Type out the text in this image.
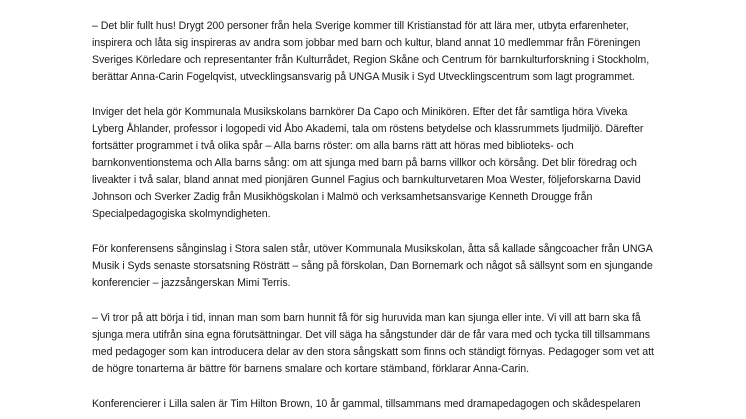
– Det blir fullt hus! Drygt 200 personer från hela Sverige kommer till Kristianstad för att lära mer, utbyta erfarenheter,
inspirera och låta sig inspireras av andra som jobbar med barn och kultur, bland annat 10 medlemmar från Föreningen
Sveriges Körledare och representanter från Kulturrådet, Region Skåne och Centrum för barnkulturforskning i Stockholm,
berättar Anna-Carin Fogelqvist, utvecklingsansvarig på UNGA Musik i Syd Utvecklingscentrum som lagt programmet.
Inviger det hela gör Kommunala Musikskolans barnkörer Da Capo och Minikören. Efter det får samtliga höra Viveka
Lyberg Åhlander, professor i logopedi vid Åbo Akademi, tala om röstens betydelse och klassrummets ljudmiljö. Därefter
fortsätter programmet i två olika spår – Alla barns röster: om alla barns rätt att höras med biblioteks- och
barnkonventionstema och Alla barns sång: om att sjunga med barn på barns villkor och körsång. Det blir föredrag och
liveakter i två salar, bland annat med pionjären Gunnel Fagius och barnkulturvetaren Moa Wester, följeforskarna David
Johnson och Sverker Zadig från Musikhögskolan i Malmö och verksamhetsansvarige Kenneth Drougge från
Specialpedagogiska skolmyndigheten.
För konferensens sånginslag i Stora salen står, utöver Kommunala Musikskolan, åtta så kallade sångcoacher från UNGA
Musik i Syds senaste storsatsning Rösträtt – sång på förskolan, Dan Bornemark och något så sällsynt som en sjungande
konferencier – jazzsångerskan Mimi Terris.
– Vi tror på att börja i tid, innan man som barn hunnit få för sig huruvida man kan sjunga eller inte. Vi vill att barn ska få
sjunga mera utifrån sina egna förutsättningar. Det vill säga ha sångstunder där de får vara med och tycka till tillsammans
med pedagoger som kan introducera delar av den stora sångskatt som finns och ständigt förnyas. Pedagoger som vet att
de högre tonarterna är bättre för barnens smalare och kortare stämband, förklarar Anna-Carin.
Konferencierer i Lilla salen är Tim Hilton Brown, 10 år gammal, tillsammans med dramapedagogen och skådespelaren
